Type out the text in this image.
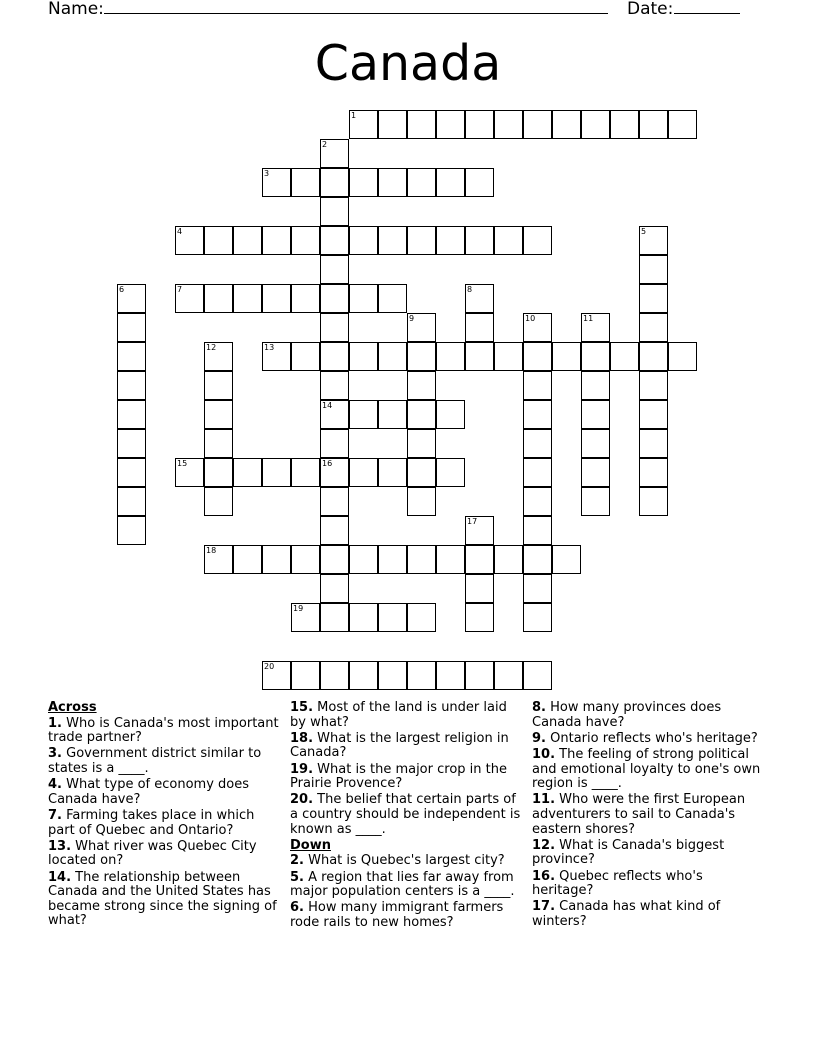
Name:	Date:
Canada
1
2
14
16
3
4	5
6	7	8
9	10	11
12	13
15
17
18
19
20
Across
1. Who is Canada's most important trade partner?
3. Government district similar to states is a ____.
4. What type of economy does Canada have?
7. Farming takes place in which part of Quebec and Ontario?
13. What river was Quebec City located on?
14. The relationship between Canada and the United States has became strong since the signing of what?
15. Most of the land is under laid by what?
18. What is the largest religion in Canada?
19. What is the major crop in the Prairie Provence?
20. The belief that certain parts of a country should be independent is known as ____.
Down
2. What is Quebec's largest city?
5. A region that lies far away from major population centers is a ____.
6. How many immigrant farmers rode rails to new homes?
8. How many provinces does Canada have?
9. Ontario reflects who's heritage?
10. The feeling of strong political and emotional loyalty to one's own region is ____.
11. Who were the first European adventurers to sail to Canada's eastern shores?
12. What is Canada's biggest province?
16. Quebec reflects who's heritage?
17. Canada has what kind of winters?
